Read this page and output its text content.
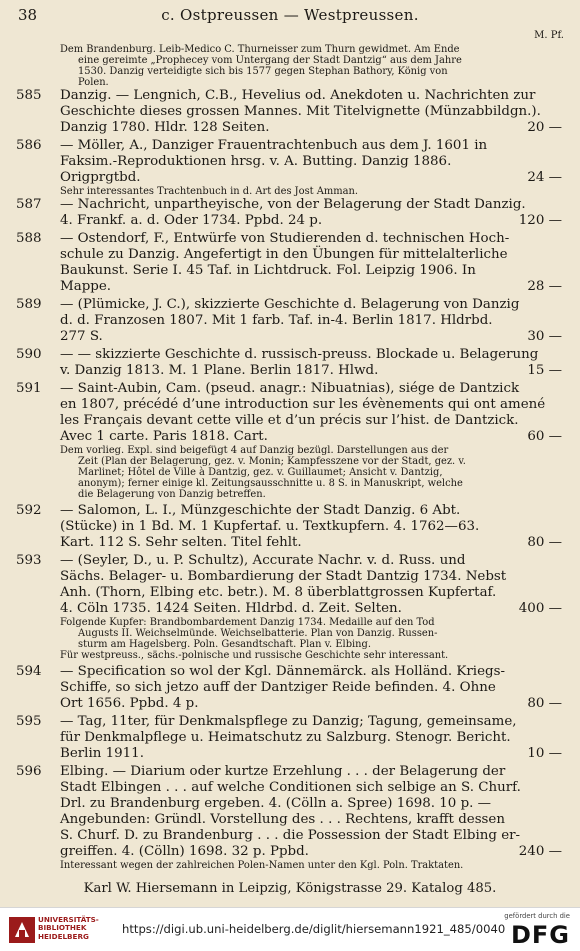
38	c. Ostpreussen — Westpreussen.
M. Pf.
Dem Brandenburg. Leib-Medico C. Thurneisser zum Thurn gewidmet. Am Ende
eine gereimte „Prophecey vom Untergang der Stadt Dantzig“ aus dem Jahre
1530. Danzig verteidigte sich bis 1577 gegen Stephan Bathory, König von
Polen.
Danzig. — Lengnich, C.B., Hevelius od. Anekdoten u. Nachrichten zur
Geschichte dieses grossen Mannes. Mit Titelvignette (Münzabbildgn.).
Danzig 1780. Hldr. 128 Seiten.
— Möller, A., Danziger Frauentrachtenbuch aus dem J. 1601 in
Faksim.-Reproduktionen hrsg. v. A. Butting. Danzig 1886.
Origprgtbd.
Sehr interessantes Trachtenbuch in d. Art des Jost Amman.
— Nachricht, unpartheyische, von der Belagerung der Stadt Danzig.
4. Frankf. a. d. Oder 1734. Ppbd. 24 p.
— Ostendorf, F., Entwürfe von Studierenden d. technischen Hoch-
schule zu Danzig. Angefertigt in den Übungen für mittelalterliche
Baukunst. Serie I. 45 Taf. in Lichtdruck. Fol. Leipzig 1906. In
Mappe.
— (Plümicke, J. C.), skizzierte Geschichte d. Belagerung von Danzig
d. d. Franzosen 1807. Mit 1 farb. Taf. in-4. Berlin 1817. Hldrbd.
277 S.
— — skizzierte Geschichte d. russisch-preuss. Blockade u. Belagerung
v. Danzig 1813. M. 1 Plane. Berlin 1817. Hlwd.
— Saint-Aubin, Cam. (pseud. anagr.: Nibuatnias), siége de Dantzick
en 1807, précédé d’une introduction sur les évènements qui ont amené
les Français devant cette ville et d’un précis sur l’hist. de Dantzick.
Avec 1 carte. Paris 1818. Cart.
Dem vorlieg. Expl. sind beigefügt 4 auf Danzig bezügl. Darstellungen aus der
Zeit (Plan der Belagerung, gez. v. Monin; Kampfesszene vor der Stadt, gez. v.
Marlinet; Hôtel de Ville à Dantzig, gez. v. Guillaumet; Ansicht v. Dantzig,
anonym); ferner einige kl. Zeitungsausschnitte u. 8 S. in Manuskript, welche
die Belagerung von Danzig betreffen.
— Salomon, L. I., Münzgeschichte der Stadt Danzig. 6 Abt.
(Stücke) in 1 Bd. M. 1 Kupfertaf. u. Textkupfern. 4. 1762—63.
Kart. 112 S. Sehr selten. Titel fehlt.
— (Seyler, D., u. P. Schultz), Accurate Nachr. v. d. Russ. und
Sächs. Belager- u. Bombardierung der Stadt Dantzig 1734. Nebst
Anh. (Thorn, Elbing etc. betr.). M. 8 überblattgrossen Kupfertaf.
4. Cöln 1735. 1424 Seiten. Hldrbd. d. Zeit. Selten.
Folgende Kupfer: Brandbombardement Danzig 1734. Medaille auf den Tod
Augusts II. Weichselmünde. Weichselbatterie. Plan von Danzig. Russen-
sturm am Hagelsberg. Poln. Gesandtschaft. Plan v. Elbing.
Für westpreuss., sächs.-polnische und russische Geschichte sehr interessant.
— Specification so wol der Kgl. Dännemärck. als Holländ. Kriegs-
Schiffe, so sich jetzo auff der Dantziger Reide befinden. 4. Ohne
Ort 1656. Ppbd. 4 p.
— Tag, 11ter, für Denkmalspflege zu Danzig; Tagung, gemeinsame,
für Denkmalpflege u. Heimatschutz zu Salzburg. Stenogr. Bericht.
Berlin 1911.
Elbing. — Diarium oder kurtze Erzehlung . . . der Belagerung der
Stadt Elbingen . . . auf welche Conditionen sich selbige an S. Churf.
Drl. zu Brandenburg ergeben. 4. (Cölln a. Spree) 1698. 10 p. —
Angebunden: Gründl. Vorstellung des . . . Rechtens, krafft dessen
S. Churf. D. zu Brandenburg . . . die Possession der Stadt Elbing er-
greiffen. 4. (Cölln) 1698. 32 p. Ppbd.
Interessant wegen der zahlreichen Polen-Namen unter den Kgl. Poln. Traktaten.
585
586
587
588
589
590
591
592
593
594
595
596
20 —
24 —
120 —
28 —
30 —
15 —
60 —
80 —
400 —
80 —
10 —
240 —
Karl W. Hiersemann in Leipzig, Königstrasse 29. Katalog 485.
UNIVERSITÄTS-
BIBLIOTHEK
HEIDELBERG
https://digi.ub.uni-heidelberg.de/diglit/hiersemann1921_485/0040
gefördert durch die
DFG
